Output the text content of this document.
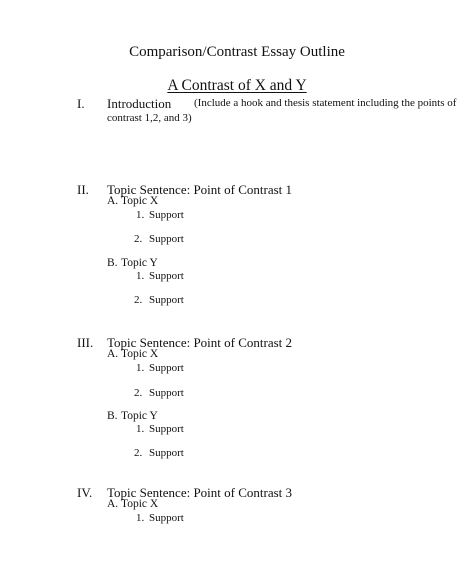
Comparison/Contrast Essay Outline
A Contrast of X and Y
I. Introduction (Include a hook and thesis statement including the points of
contrast 1,2, and 3)
II. Topic Sentence: Point of Contrast 1
A. Topic X
1. Support
2. Support
B. Topic Y
1. Support
2. Support
III. Topic Sentence: Point of Contrast 2
A. Topic X
1. Support
2. Support
B. Topic Y
1. Support
2. Support
IV. Topic Sentence: Point of Contrast 3
A. Topic X
1. Support
